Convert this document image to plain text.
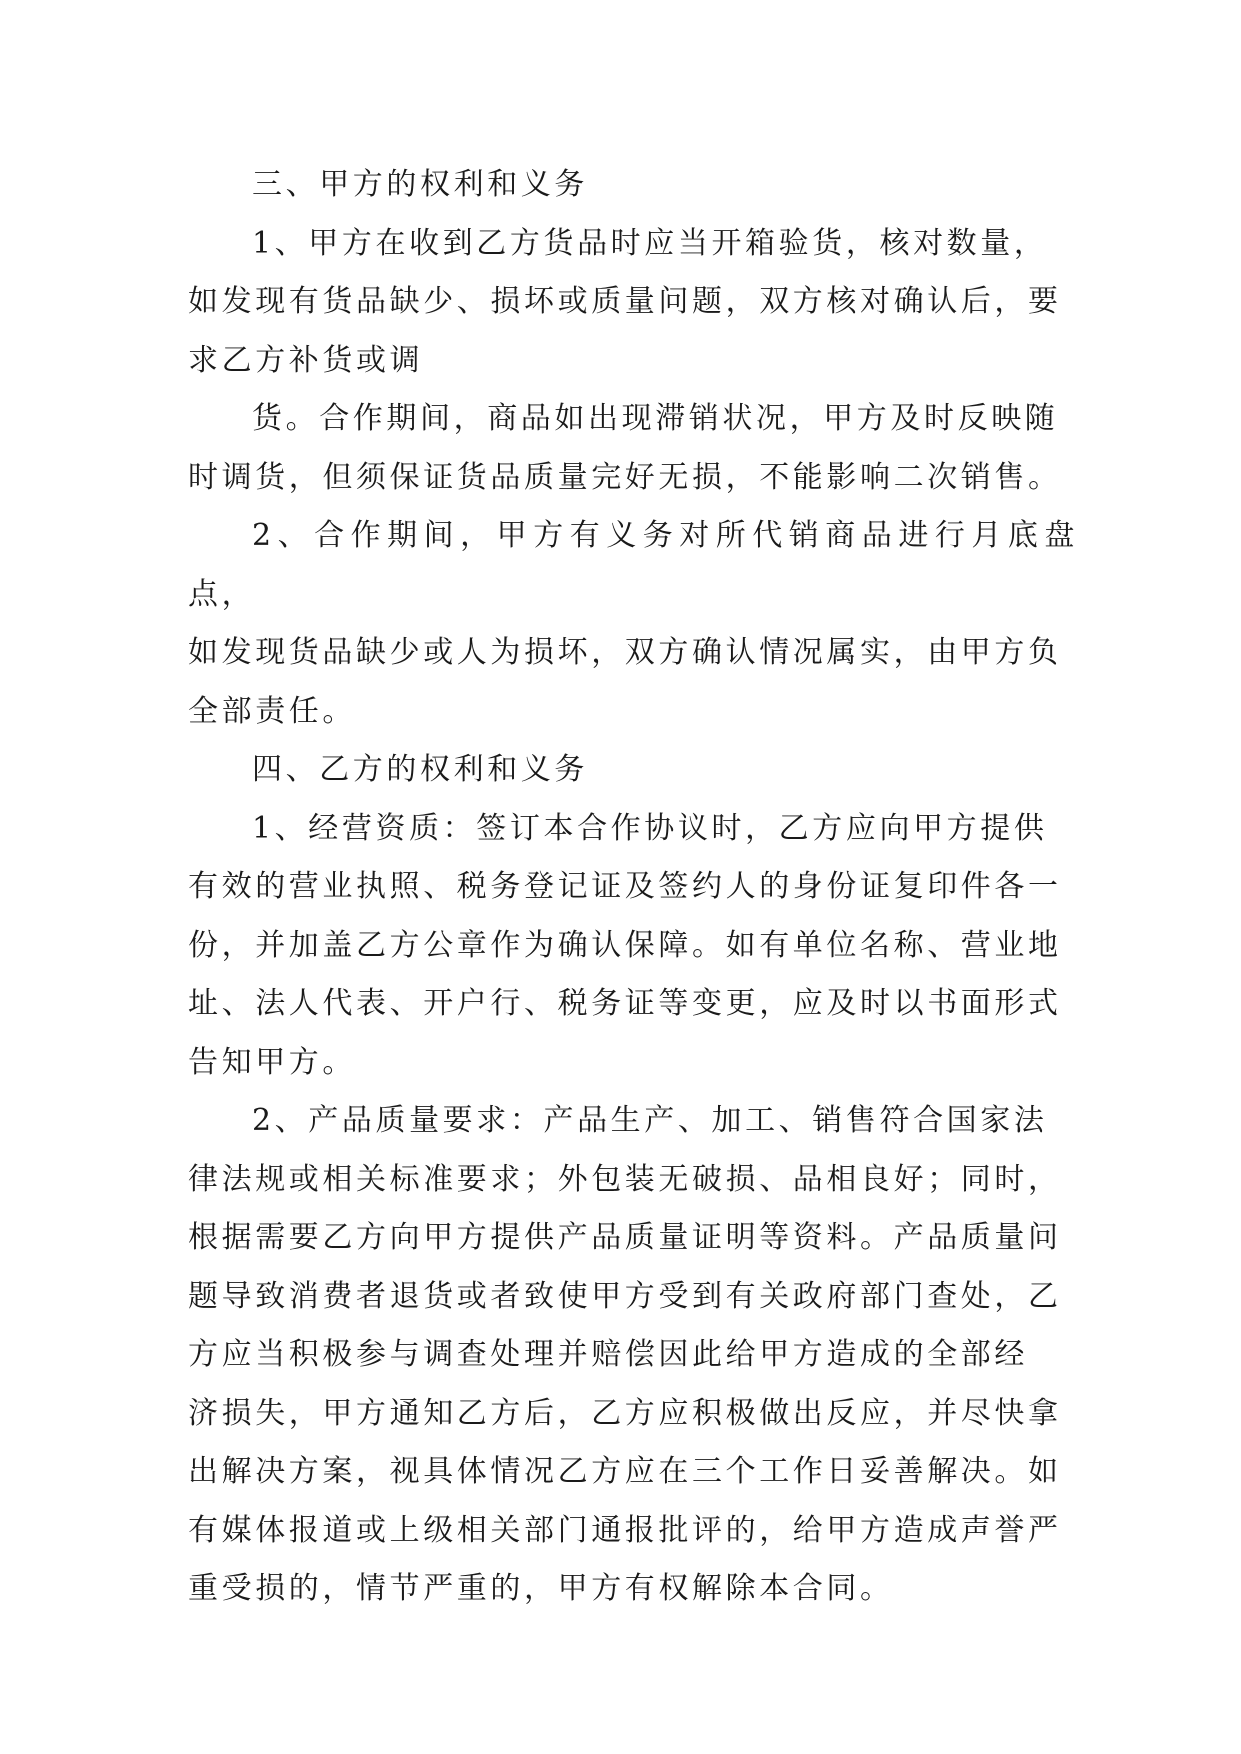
三、甲方的权利和义务

1、甲方在收到乙方货品时应当开箱验货，核对数量，
如发现有货品缺少、损坏或质量问题，双方核对确认后，要
求乙方补货或调

货。合作期间，商品如出现滞销状况，甲方及时反映随
时调货，但须保证货品质量完好无损，不能影响二次销售。

2、合作期间，甲方有义务对所代销商品进行月底盘点，
如发现货品缺少或人为损坏，双方确认情况属实，由甲方负
全部责任。

四、乙方的权利和义务

1、经营资质：签订本合作协议时，乙方应向甲方提供
有效的营业执照、税务登记证及签约人的身份证复印件各一
份，并加盖乙方公章作为确认保障。如有单位名称、营业地
址、法人代表、开户行、税务证等变更，应及时以书面形式
告知甲方。

2、产品质量要求：产品生产、加工、销售符合国家法
律法规或相关标准要求；外包装无破损、品相良好；同时，
根据需要乙方向甲方提供产品质量证明等资料。产品质量问
题导致消费者退货或者致使甲方受到有关政府部门查处，乙
方应当积极参与调查处理并赔偿因此给甲方造成的全部经
济损失，甲方通知乙方后，乙方应积极做出反应，并尽快拿
出解决方案，视具体情况乙方应在三个工作日妥善解决。如
有媒体报道或上级相关部门通报批评的，给甲方造成声誉严
重受损的，情节严重的，甲方有权解除本合同。
